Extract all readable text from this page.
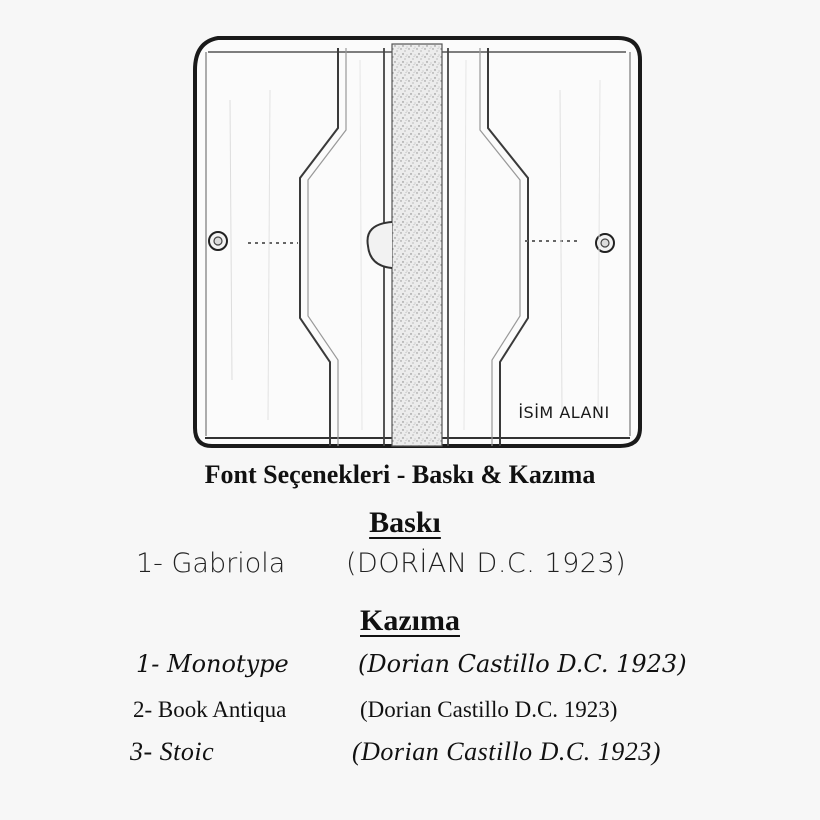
İSİM ALANI
Font Seçenekleri - Baskı & Kazıma
Baskı
1- Gabriola (DORİAN D.C. 1923)
Kazıma
1- Monotype	(Dorian Castillo D.C. 1923)
2- Book Antiqua	(Dorian Castillo D.C. 1923)
3- Stoic	(Dorian Castillo D.C. 1923)
